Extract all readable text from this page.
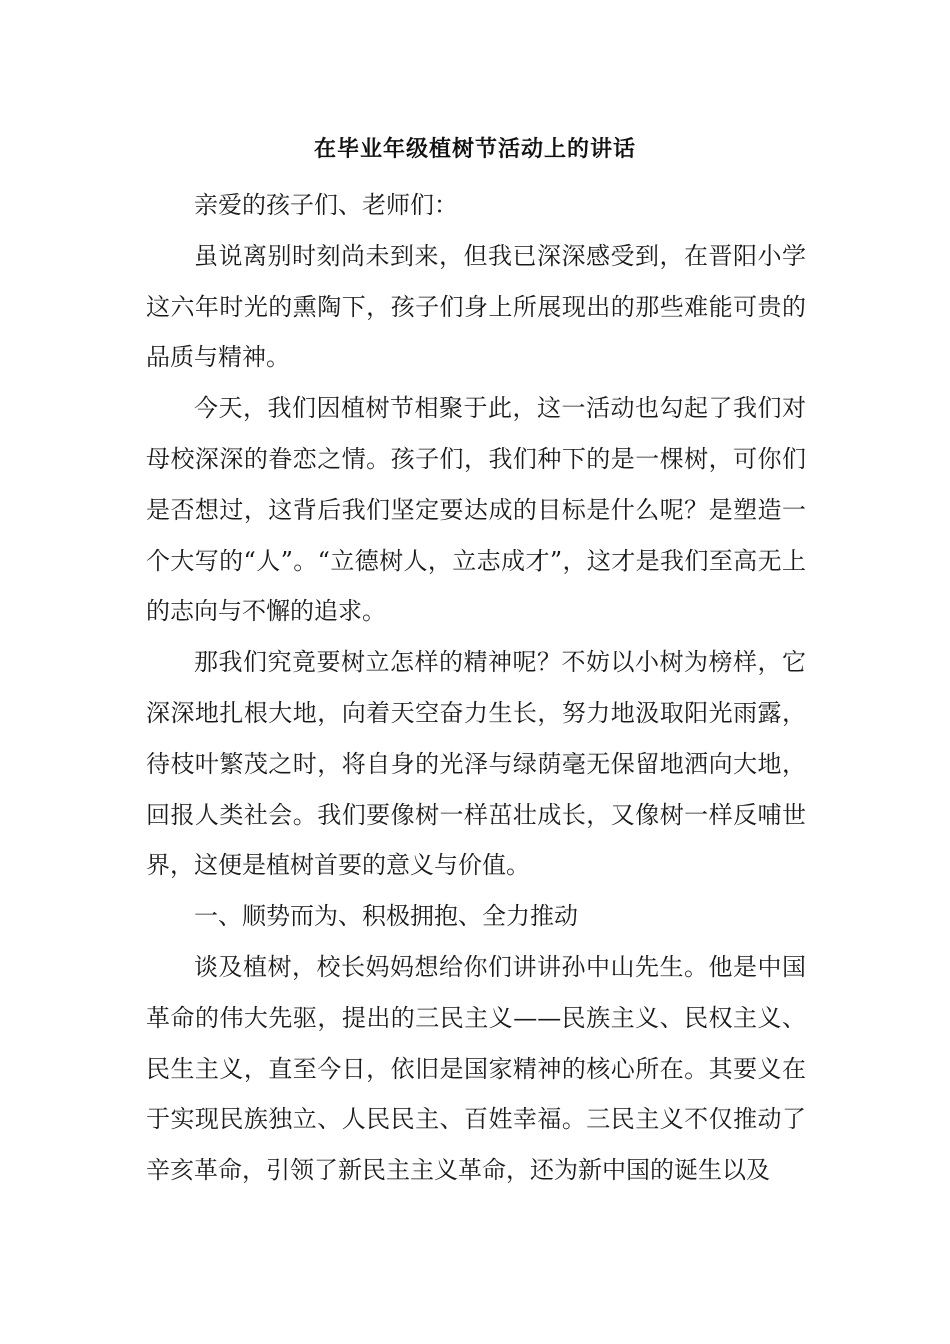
在毕业年级植树节活动上的讲话

亲爱的孩子们、老师们：

虽说离别时刻尚未到来，但我已深深感受到，在晋阳小学这六年时光的熏陶下，孩子们身上所展现出的那些难能可贵的品质与精神。

今天，我们因植树节相聚于此，这一活动也勾起了我们对母校深深的眷恋之情。孩子们，我们种下的是一棵树，可你们是否想过，这背后我们坚定要达成的目标是什么呢？是塑造一个大写的“人”。“立德树人，立志成才”，这才是我们至高无上的志向与不懈的追求。

那我们究竟要树立怎样的精神呢？不妨以小树为榜样，它深深地扎根大地，向着天空奋力生长，努力地汲取阳光雨露，待枝叶繁茂之时，将自身的光泽与绿荫毫无保留地洒向大地，回报人类社会。我们要像树一样茁壮成长，又像树一样反哺世界，这便是植树首要的意义与价值。

一、顺势而为、积极拥抱、全力推动

谈及植树，校长妈妈想给你们讲讲孙中山先生。他是中国革命的伟大先驱，提出的三民主义——民族主义、民权主义、民生主义，直至今日，依旧是国家精神的核心所在。其要义在于实现民族独立、人民民主、百姓幸福。三民主义不仅推动了辛亥革命，引领了新民主主义革命，还为新中国的诞生以及
